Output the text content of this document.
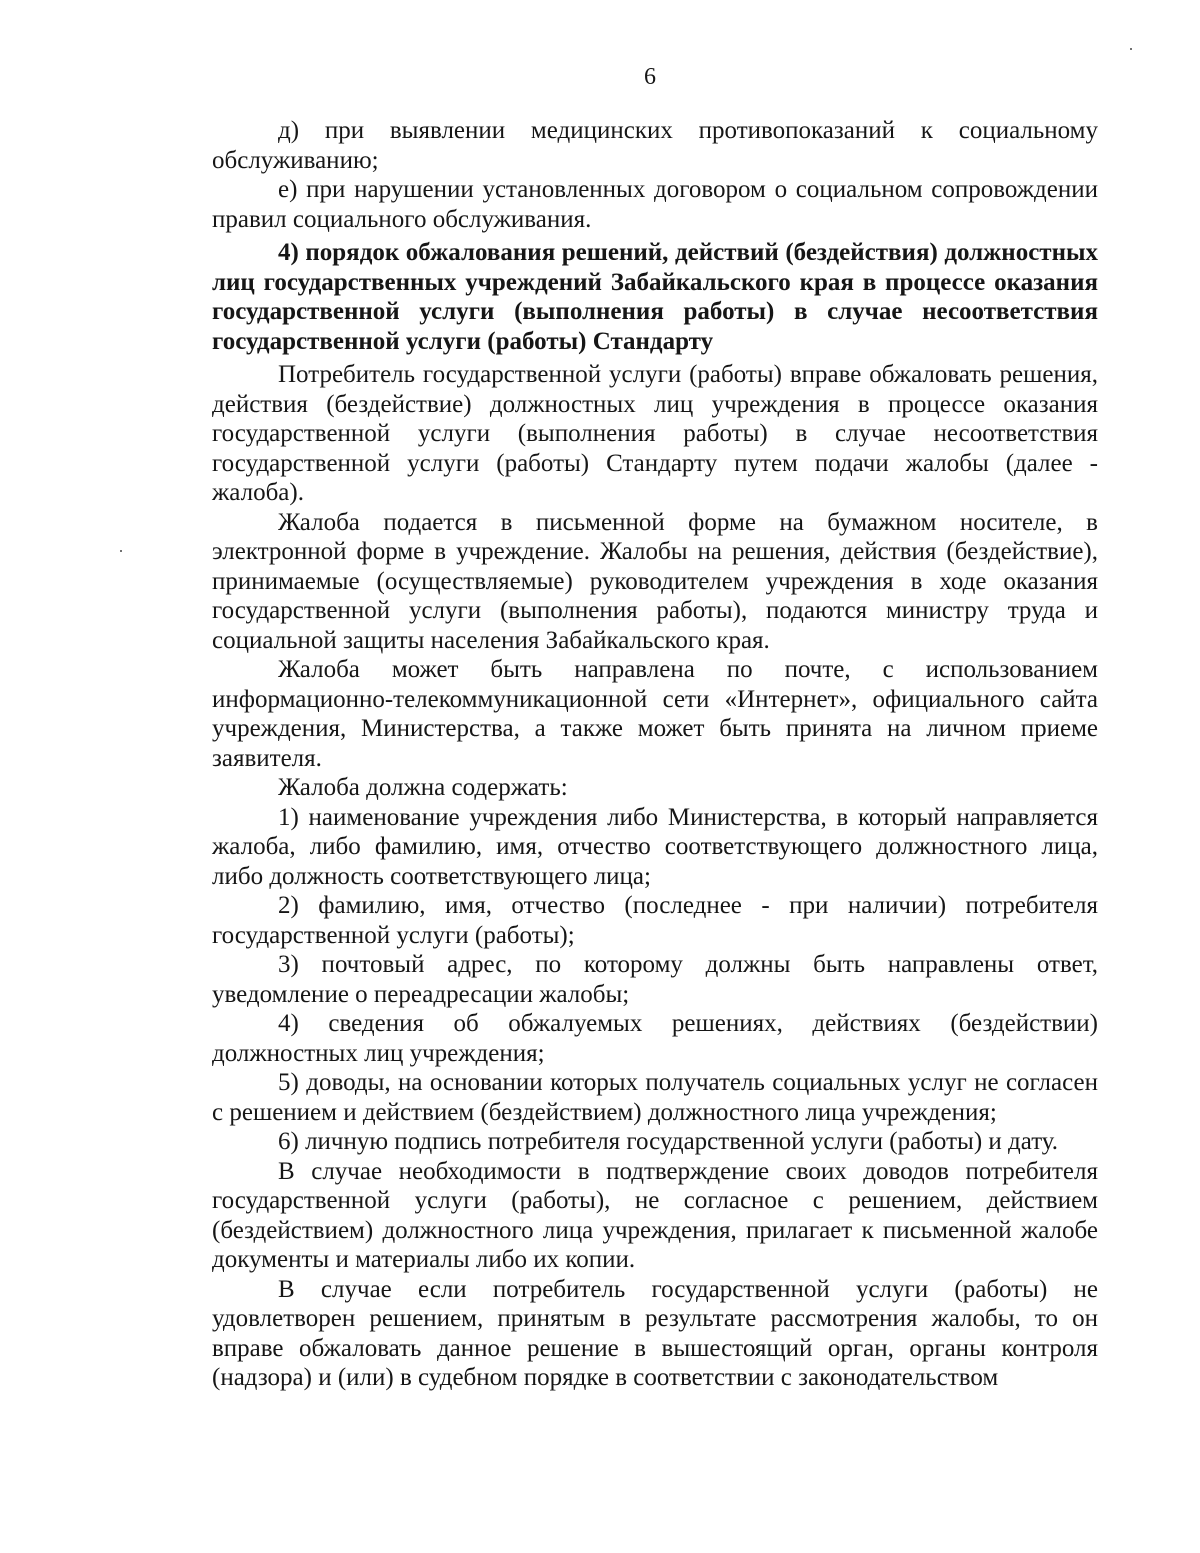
6

д) при выявлении медицинских противопоказаний к социальному обслуживанию;

е) при нарушении установленных договором о социальном сопровождении правил социального обслуживания.

4) порядок обжалования решений, действий (бездействия) должностных лиц государственных учреждений Забайкальского края в процессе оказания государственной услуги (выполнения работы) в случае несоответствия государственной услуги (работы) Стандарту

Потребитель государственной услуги (работы) вправе обжаловать решения, действия (бездействие) должностных лиц учреждения в процессе оказания государственной услуги (выполнения работы) в случае несоответствия государственной услуги (работы) Стандарту путем подачи жалобы (далее - жалоба).

Жалоба подается в письменной форме на бумажном носителе, в электронной форме в учреждение. Жалобы на решения, действия (бездействие), принимаемые (осуществляемые) руководителем учреждения в ходе оказания государственной услуги (выполнения работы), подаются министру труда и социальной защиты населения Забайкальского края.

Жалоба может быть направлена по почте, с использованием информационно-телекоммуникационной сети «Интернет», официального сайта учреждения, Министерства, а также может быть принята на личном приеме заявителя.

Жалоба должна содержать:

1) наименование учреждения либо Министерства, в который направляется жалоба, либо фамилию, имя, отчество соответствующего должностного лица, либо должность соответствующего лица;

2) фамилию, имя, отчество (последнее - при наличии) потребителя государственной услуги (работы);

3) почтовый адрес, по которому должны быть направлены ответ, уведомление о переадресации жалобы;

4) сведения об обжалуемых решениях, действиях (бездействии) должностных лиц учреждения;

5) доводы, на основании которых получатель социальных услуг не согласен с решением и действием (бездействием) должностного лица учреждения;

6) личную подпись потребителя государственной услуги (работы) и дату.

В случае необходимости в подтверждение своих доводов потребителя государственной услуги (работы), не согласное с решением, действием (бездействием) должностного лица учреждения, прилагает к письменной жалобе документы и материалы либо их копии.

В случае если потребитель государственной услуги (работы) не удовлетворен решением, принятым в результате рассмотрения жалобы, то он вправе обжаловать данное решение в вышестоящий орган, органы контроля (надзора) и (или) в судебном порядке в соответствии с законодательством
